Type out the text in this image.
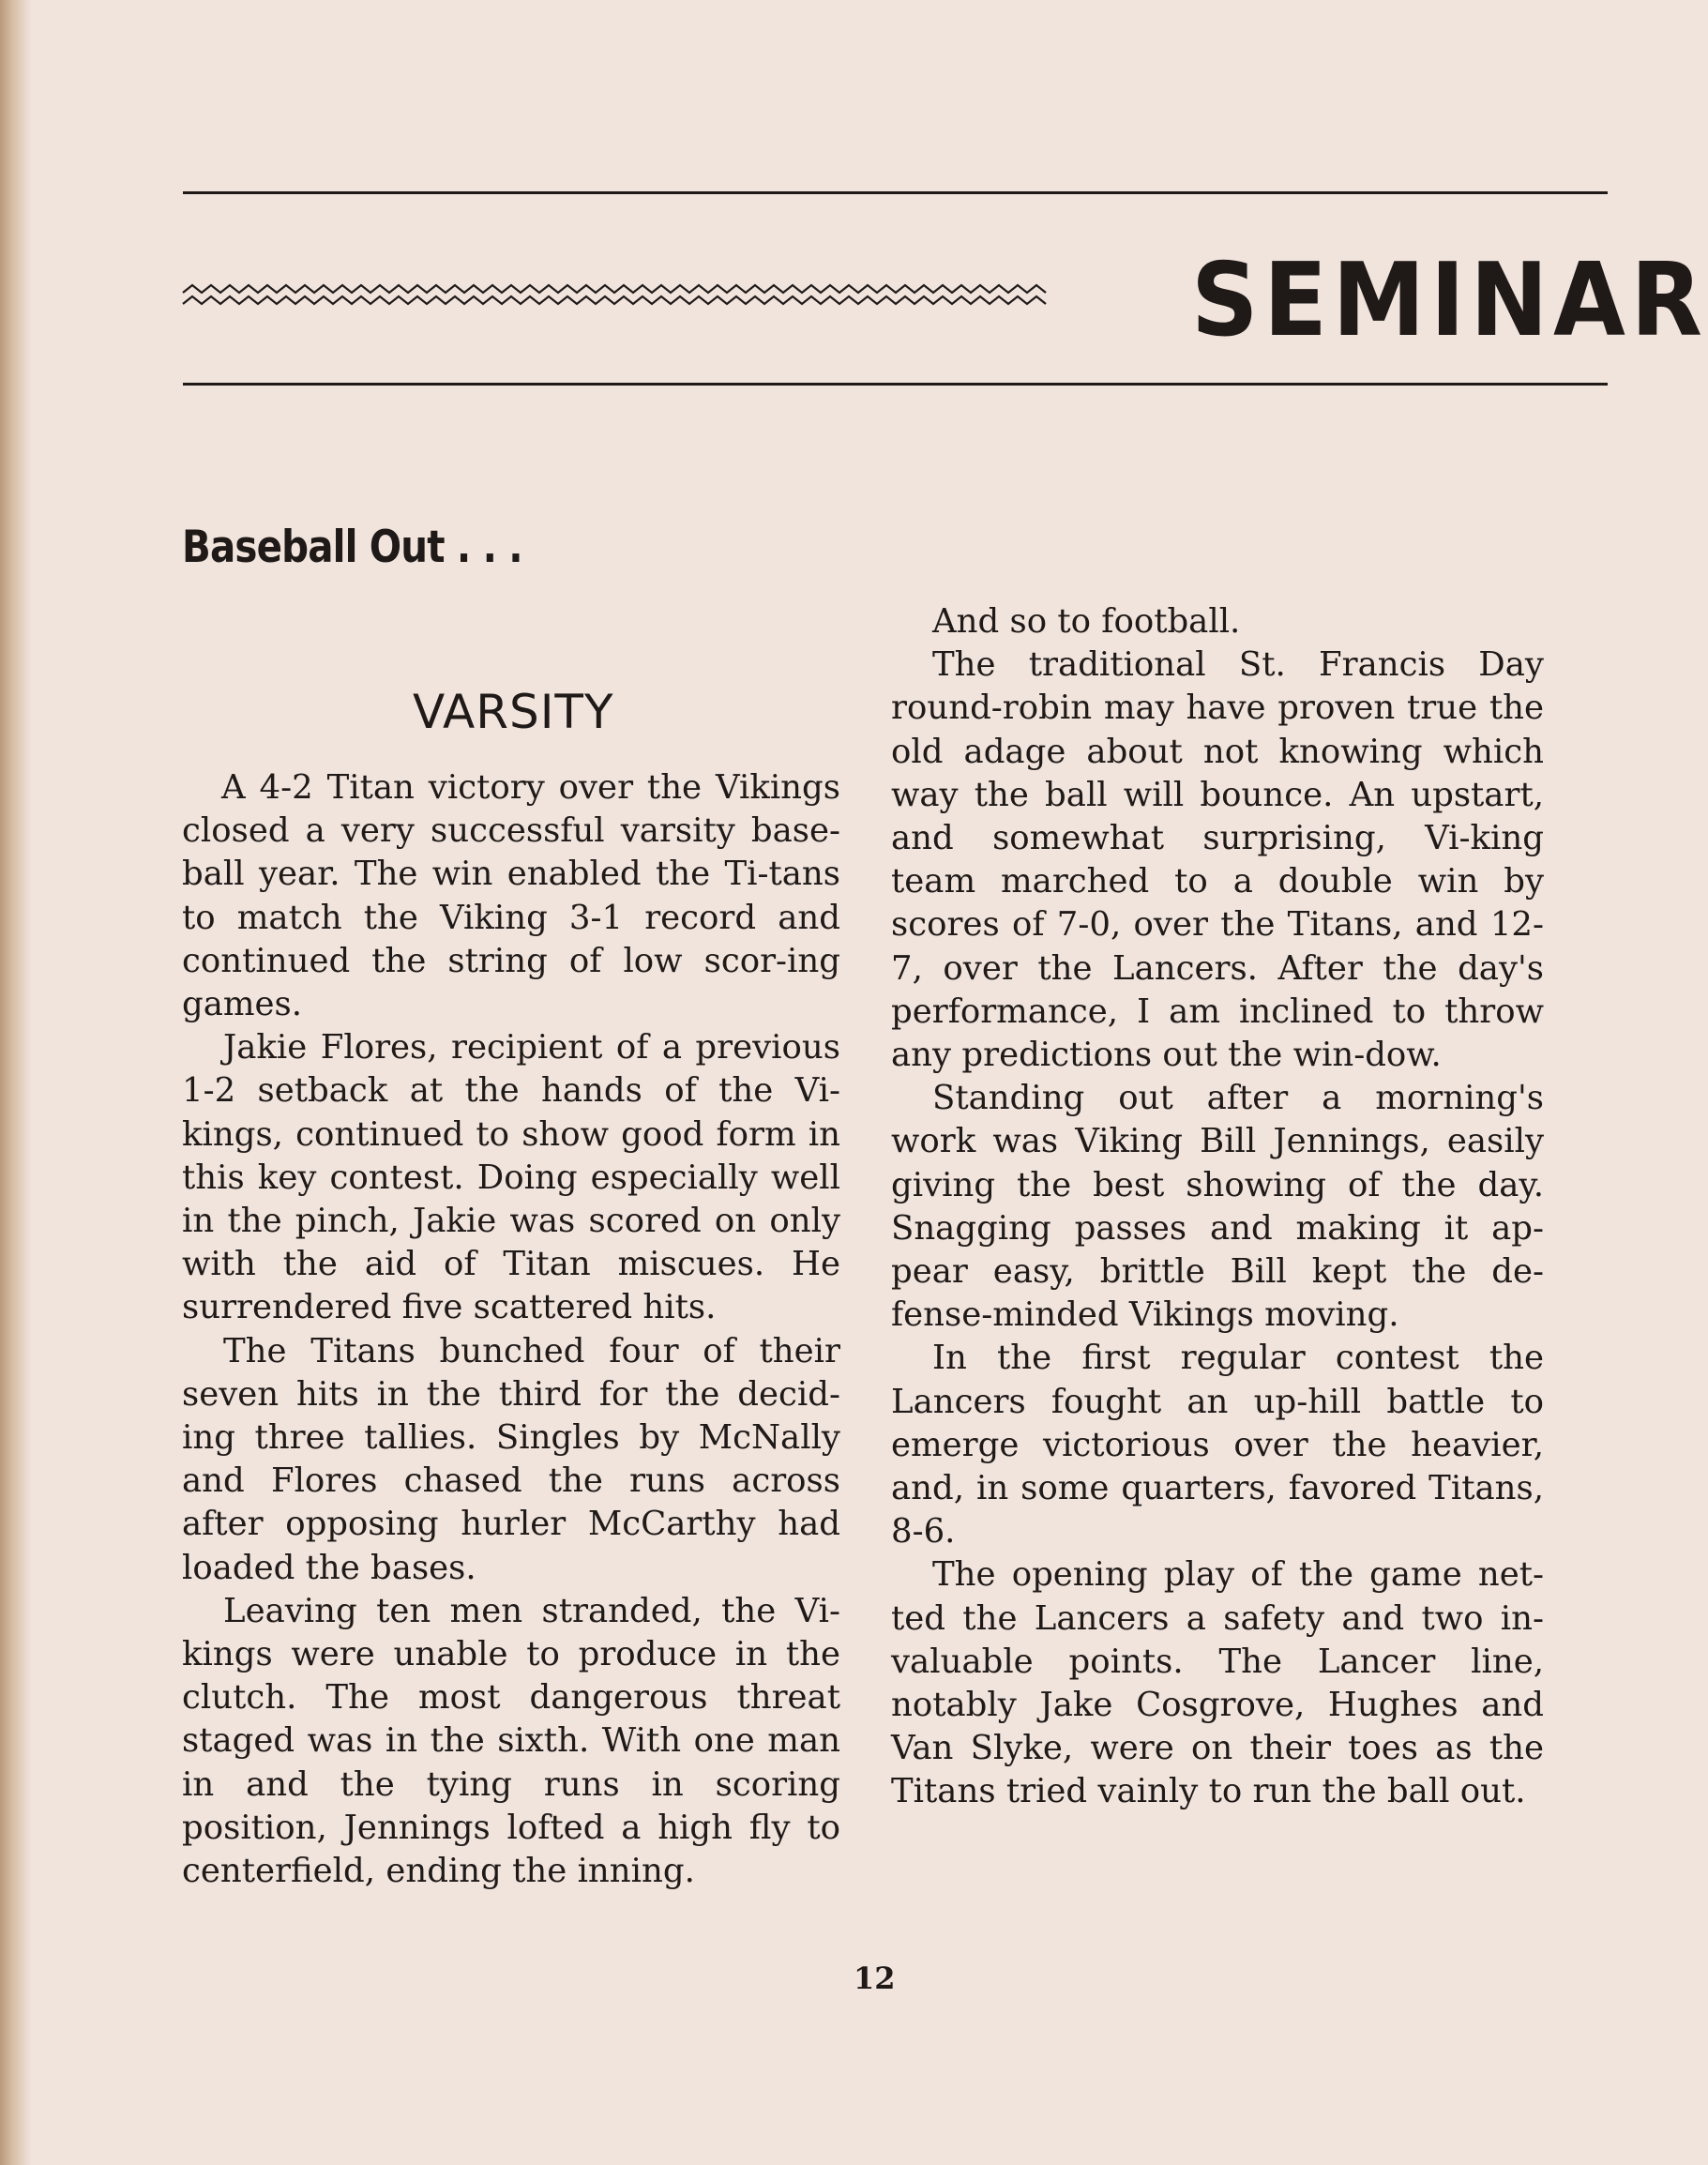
SEMINAR
Baseball Out . . .
VARSITY

A 4-2 Titan victory over the Vikings closed a very successful varsity base-ball year. The win enabled the Ti-tans to match the Viking 3-1 record and continued the string of low scor-ing games.

Jakie Flores, recipient of a previous 1-2 setback at the hands of the Vi-kings, continued to show good form in this key contest. Doing especially well in the pinch, Jakie was scored on only with the aid of Titan miscues. He surrendered five scattered hits.

The Titans bunched four of their seven hits in the third for the decid-ing three tallies. Singles by McNally and Flores chased the runs across after opposing hurler McCarthy had loaded the bases.

Leaving ten men stranded, the Vi-kings were unable to produce in the clutch. The most dangerous threat staged was in the sixth. With one man in and the tying runs in scoring position, Jennings lofted a high fly to centerfield, ending the inning.

And so to football.

The traditional St. Francis Day round-robin may have proven true the old adage about not knowing which way the ball will bounce. An upstart, and somewhat surprising, Vi-king team marched to a double win by scores of 7-0, over the Titans, and 12-7, over the Lancers. After the day's performance, I am inclined to throw any predictions out the win-dow.

Standing out after a morning's work was Viking Bill Jennings, easily giving the best showing of the day. Snagging passes and making it ap-pear easy, brittle Bill kept the de-fense-minded Vikings moving.

In the first regular contest the Lancers fought an up-hill battle to emerge victorious over the heavier, and, in some quarters, favored Titans, 8-6.

The opening play of the game net-ted the Lancers a safety and two in-valuable points. The Lancer line, notably Jake Cosgrove, Hughes and Van Slyke, were on their toes as the Titans tried vainly to run the ball out.

12
